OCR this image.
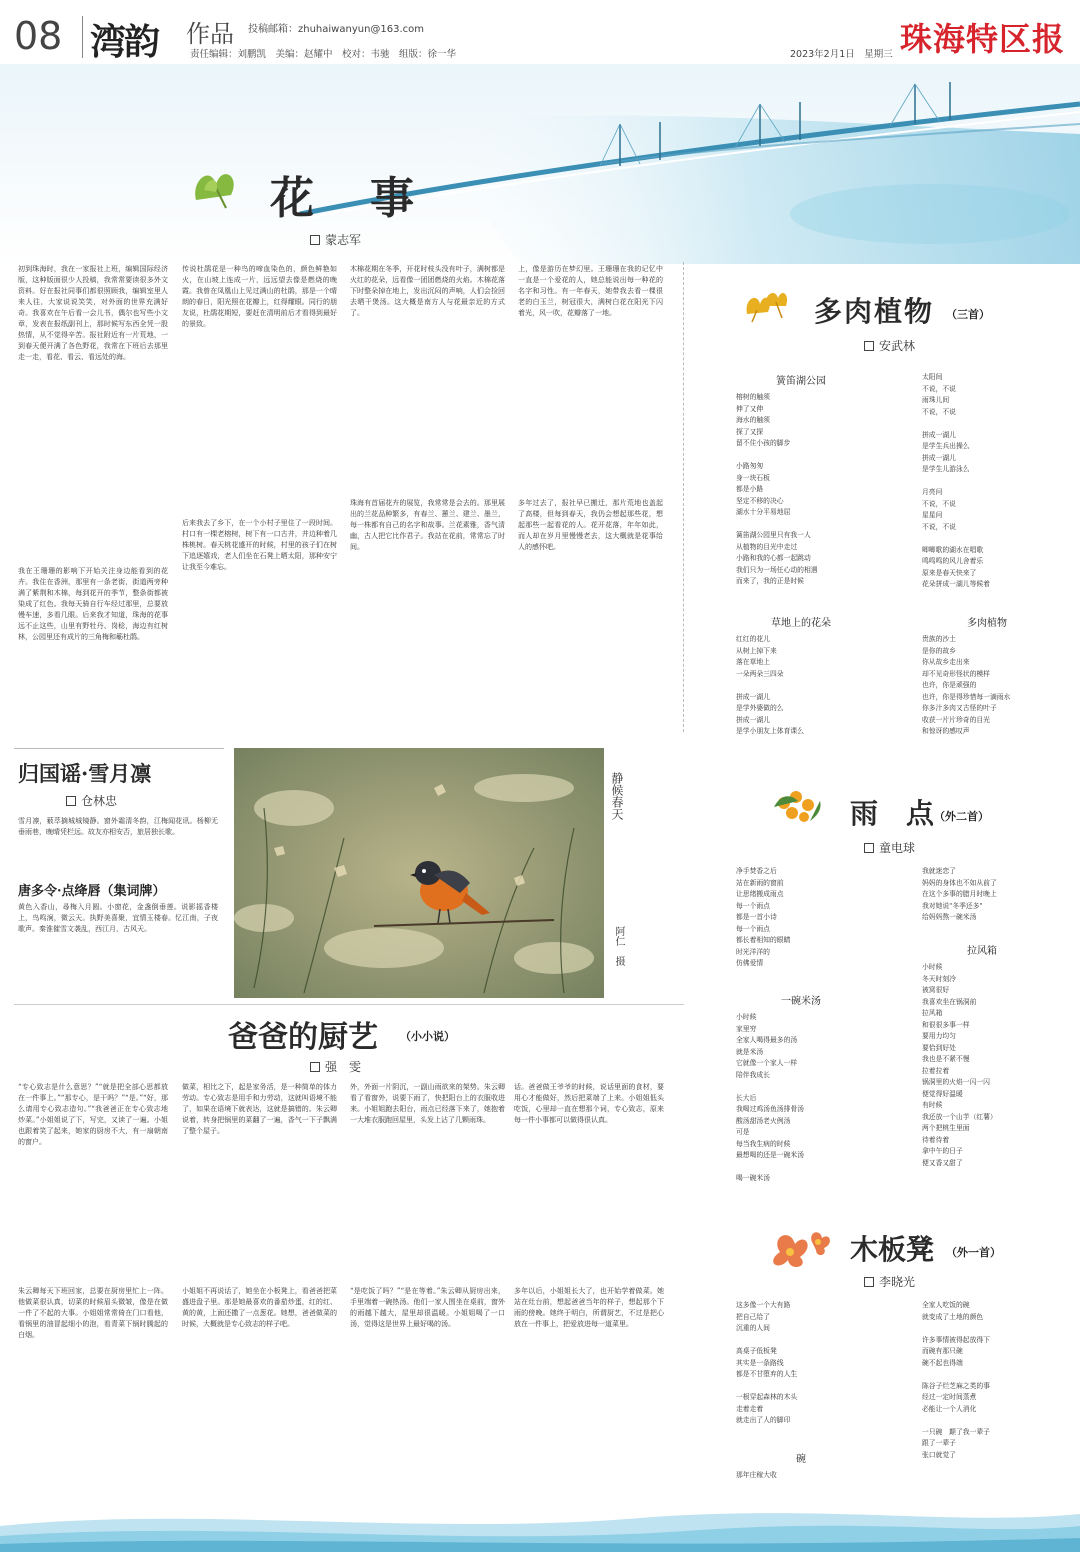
08 湾韵 作品 投稿邮箱：zhuhaiwanyun@163.com
责任编辑：刘鹏凯　美编：赵耀中　校对：韦驰　组版：徐一华	2023年2月1日　星期三 珠海特区报
花　事
蒙志军
初到珠海时，我在一家报社上班，编辑国际经济版，这种版面很少人投稿，我常常要读很多外文资料。好在报社同事们都很照顾我，编辑室里人来人往，大家说说笑笑，对外面的世界充满好奇。我喜欢在午后看一会儿书，偶尔也写些小文章，发表在报纸副刊上，那时候写东西全凭一股热情，从不觉得辛苦。报社附近有一片荒地，一到春天便开满了各色野花，我常在下班后去那里走一走，看花、看云、看远处的海。
我在王珊珊的影响下开始关注身边能看到的花卉。我住在香洲，那里有一条老街，街道两旁种满了紫荆和木棉，每到花开的季节，整条街都被染成了红色。我每天骑自行车经过那里，总要放慢车速，多看几眼。后来我才知道，珠海的花事远不止这些，山里有野牡丹、岗稔，海边有红树林，公园里还有成片的三角梅和簕杜鹃。
传说杜鹃花是一种鸟的啼血染色的，颜色鲜艳如火，在山坡上连成一片，远远望去像是燃烧的晚霞。我曾在凤凰山上见过满山的杜鹃，那是一个晴朗的春日，阳光照在花瓣上，红得耀眼。同行的朋友说，杜鹃花期短，要赶在清明前后才看得到最好的景致。
后来我去了乡下，在一个小村子里住了一段时间。村口有一棵老榕树，树下有一口古井，井边种着几株桃树。春天桃花盛开的时候，村里的孩子们在树下追逐嬉戏，老人们坐在石凳上晒太阳，那种安宁让我至今难忘。
木棉花期在冬季，开花时枝头没有叶子，满树都是火红的花朵，远看像一团团燃烧的火焰。木棉花落下时整朵掉在地上，发出沉闷的声响，人们会捡回去晒干煲汤。这大概是南方人与花最亲近的方式了。
珠海有首届花卉的展览，我常常是会去的。那里展出的兰花品种繁多，有春兰、蕙兰、建兰、墨兰，每一株都有自己的名字和故事。兰花素雅，香气清幽，古人把它比作君子。我站在花前，常常忘了时间。
上，像是游历在梦幻里。王珊珊在我的记忆中一直是一个爱花的人，她总能说出每一种花的名字和习性。有一年春天，她带我去看一棵很老的白玉兰，树冠很大，满树白花在阳光下闪着光，风一吹，花瓣落了一地。
多年过去了，报社早已搬迁，那片荒地也盖起了高楼，但每到春天，我仍会想起那些花，想起那些一起看花的人。花开花落，年年如此，而人却在岁月里慢慢老去，这大概就是花事给人的感怀吧。
静候春天
阿仁　摄
归国谣·雪月凛
仓林忠
雪月凛，薮萃摘城城镜静。窗外霜清冬韵，江梅闻花讯。杨柳无垂雨巷，晚晴凭栏远。故友亦相安否，旅居独长歌。
唐多令·点绛唇（集词牌）
黄色入香山，尋梅入月圆。小窗花，金盏倒垂莲。说影摇香楼上，鸟鸣涧，微云天。执野美喜聚，宜情玉楼春。忆江南，子夜歌声。秦淮催雪文袭乱，西江月，古风天。
爸爸的厨艺 （小小说）
强　雯
“专心致志是什么意思？”“就是把全部心思都放在一件事上。”“那专心，是干吗？”“是。”“好，那么请用专心致志造句。”“我爸爸正在专心致志地炒菜。”小姐姐说了下，写完，又读了一遍。小姐也跟着笑了起来，她家的厨房不大，有一扇朝南的窗户。
朱云卿每天下班回家，总要在厨房里忙上一阵。他做菜很认真，切菜的时候眉头微皱，像是在做一件了不起的大事。小姐姐常常倚在门口看他，看锅里的油冒起细小的泡，看青菜下锅时腾起的白烟。
做菜，相比之下，起是家务活，是一种简单的体力劳动。专心致志是用手和力劳动，这就叫语境不能了，如果在语境下就表达，这就是搞错的。朱云卿说着，转身把锅里的菜翻了一遍，香气一下子飘满了整个屋子。
小姐姐不再说话了，她坐在小板凳上，看爸爸把菜盛进盘子里。那是她最喜欢的番茄炒蛋，红的红、黄的黄，上面还撒了一点葱花。她想，爸爸做菜的时候，大概就是专心致志的样子吧。
外，外面一片阴沉，一副山雨欲来的架势。朱云卿看了看窗外，说要下雨了，快把阳台上的衣服收进来。小姐姐跑去阳台，雨点已经落下来了，她抱着一大堆衣服跑回屋里，头发上沾了几颗雨珠。
“是吃饭了吗？”“是在等着。”朱云卿从厨房出来，手里端着一碗热汤。他们一家人围坐在桌前，窗外的雨越下越大，屋里却很温暖。小姐姐喝了一口汤，觉得这是世界上最好喝的汤。
话。爸爸做王爷爷的时候，说话里面的食材，要用心才能做好，然后把菜端了上来。小姐姐低头吃饭，心里却一直在想那个词，专心致志，原来每一件小事都可以做得很认真。
多年以后，小姐姐长大了，也开始学着做菜。她站在灶台前，想起爸爸当年的样子，想起那个下雨的傍晚。她终于明白，所谓厨艺，不过是把心放在一件事上，把爱放进每一道菜里。
多肉植物 （三首）
安武林
簧笛湖公园
榕树的触须
伸了又伸
海水的触须
探了又探
留不住小孩的脚步

小路匆匆
身一块石板
都是小路
坚定不移的决心
湖水十分平易地屈

簧笛湖公园里只有我一人
从植物的目光中走过
小路和我的心都一起跳动
我们只为一场任心动的相遇
而来了，我的正是时候
太阳间
不说，不说
雨珠儿间
不说，不说

拼成一湖儿
是学生兵出操么
拼成一湖儿
是学生儿游泳么

月亮问
不说，不说
星星问
不说，不说

唧唧歌的湖水在唱歌
鸣鸣鸣的风儿舍着乐
原来是春天快来了
花朵拼成一湖儿等候着
草地上的花朵
红红的花儿
从树上掉下来
落在草地上
一朵两朵三四朵

拼成一湖儿
是学外婆做的么
拼成一湖儿
是学小朋友上体育课么
多肉植物
贵族的沙土
是你的故乡
你从故乡走出来
却不见奇形怪状的模样
也许，你是顽强的
也许，你是得珍惜每一滴雨水
你多汁多肉又古怪的叶子
收获一片片珍奇的目光
和惊讶的感叹声
雨　点 （外二首）
童电球
净手焚香之后
站在新雨的窗前
让思绪搬成雨点
每一个雨点
都是一首小诗
每一个雨点
都长着相知的眼睛
时光洋洋的
仿佛爱情
一碗米汤
小时候
家里穷
全家人喝得最多的汤
就是米汤
它就像一个家人一样
陪伴我成长

长大后
我喝过鸡汤鱼汤排骨汤
酸汤甜汤老火例汤
可是
每当我生病的时候
最想喝的还是一碗米汤

喝一碗米汤
我就迷恋了
妈妈的身体也不如从前了
在这个多事的腊月时晚上
我对她说"冬季还多"
给妈妈熬一碗米汤
拉风箱
小时候
冬天时刻冷
被窝很好
我喜欢坐在锅洞前
拉风箱
和很很多事一样
要用力均匀
要恰到好处
我也是不紧不慢
拉着拉着
锅洞里的火焰一闪一闪
便觉得好温暖
有时候
我还放一个山芋（红薯）
两个把桃生里面
待着待着
拿中午的日子
便又香又甜了
木板凳 （外一首）
李晓光
这多像一个大有路
把自己给了
沉重的人间

高桌子低板凳
其实是一条路线
都是不甘堕弃的人生

一根穿起森林的木头
走着走着
就走出了人的脚印
碗
那年庄稼大收
全家人吃饭的碗
就变成了土地的颜色

许多事情被得起放得下
而碗有那只碗
碗不起也得端

陈谷子烂芝麻之类的事
经过一定时间蒸煮
必能让一个人消化

一只碗　颠了我一辈子
跟了一辈子
张口就觉了
